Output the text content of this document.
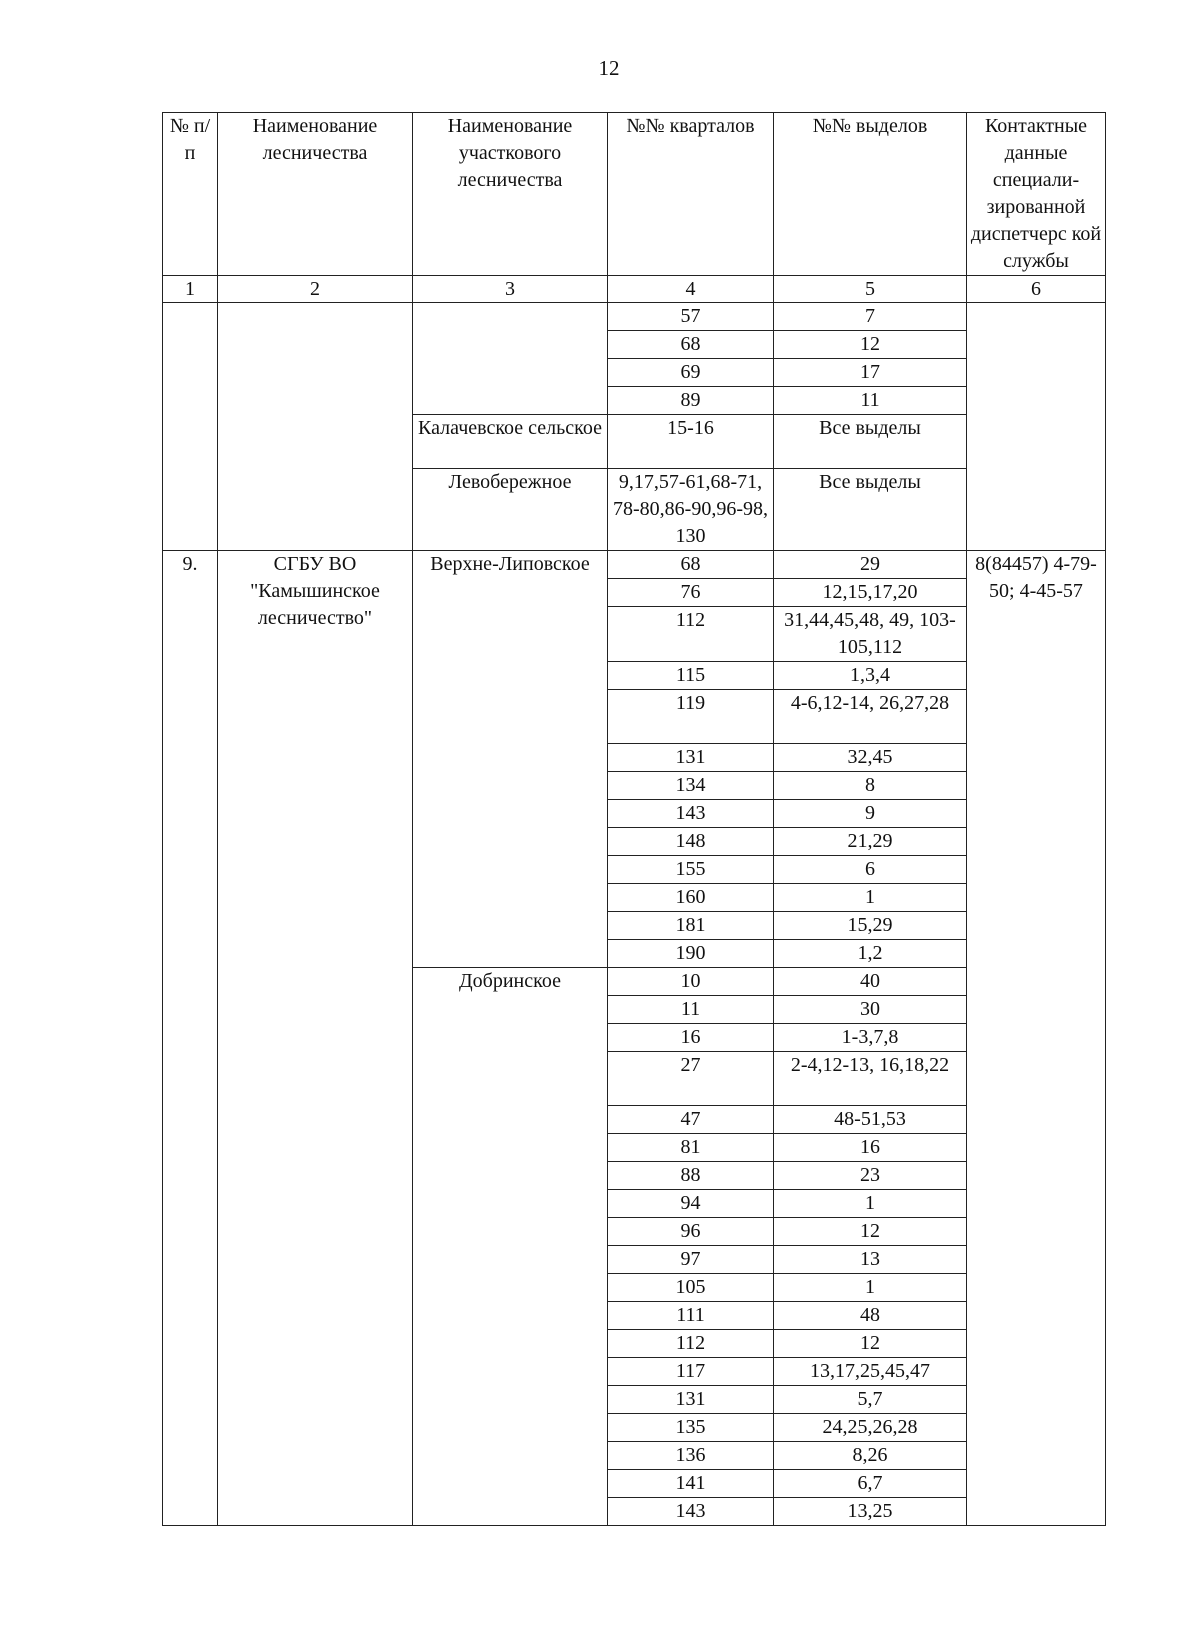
12
№ п/п	Наименование лесничества	Наименование участкового лесничества	№№ кварталов	№№ выделов	Контактные данные специали-зированной диспетчерс кой службы
1	2	3	4	5	6
			57	7	
			68	12	
			69	17	
			89	11	
		Калачевское сельское	15-16	Все выделы	
		Левобережное	9,17,57-61,68-71, 78-80,86-90,96-98, 130	Все выделы	

9.	СГБУ ВО "Камышинское лесничество"	Верхне-Липовское	68	29	8(84457) 4-79-50; 4-45-57
			76	12,15,17,20	
			112	31,44,45,48, 49, 103-105,112	
			115	1,3,4	
			119	4-6,12-14, 26,27,28	
			131	32,45	
			134	8	
			143	9	
			148	21,29	
			155	6	
			160	1	
			181	15,29	
			190	1,2	
		Добринское	10	40	
			11	30	
			16	1-3,7,8	
			27	2-4,12-13, 16,18,22	
			47	48-51,53	
			81	16	
			88	23	
			94	1	
			96	12	
			97	13	
			105	1	
			111	48	
			112	12	
			117	13,17,25,45,47	
			131	5,7	
			135	24,25,26,28	
			136	8,26	
			141	6,7	
			143	13,25	
